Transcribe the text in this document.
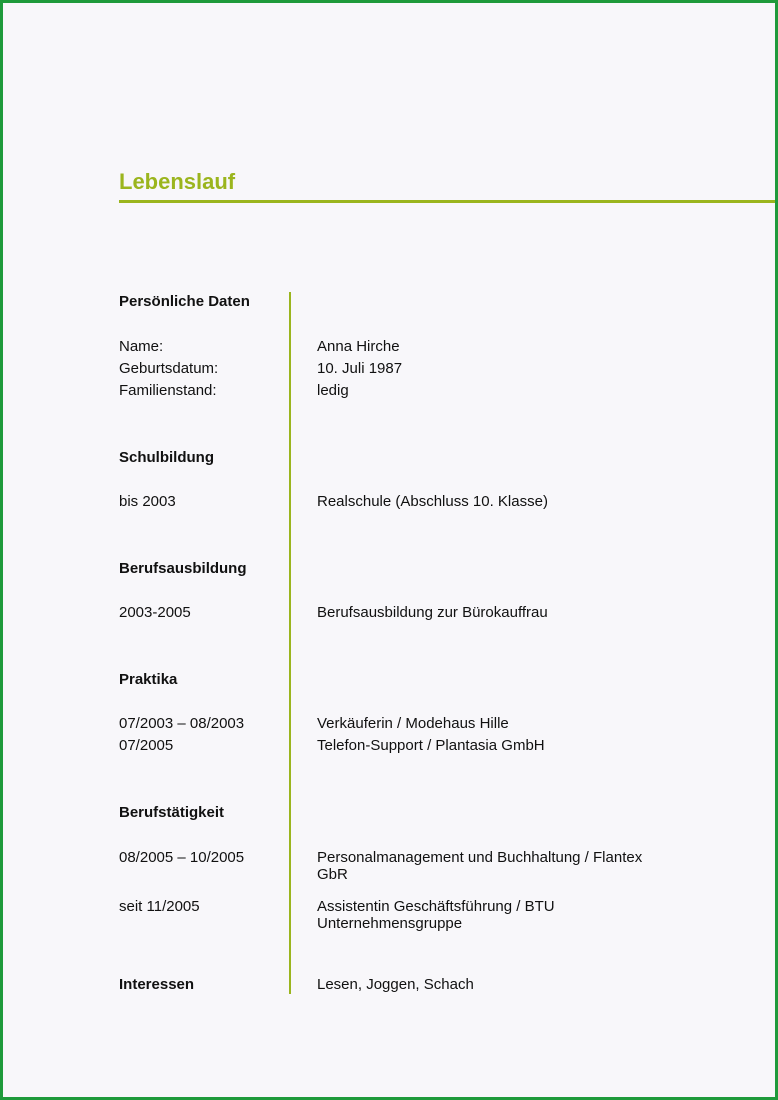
Lebenslauf
Persönliche Daten
Name:	Anna Hirche
Geburtsdatum:	10. Juli 1987
Familienstand:	ledig
Schulbildung
bis 2003	Realschule (Abschluss 10. Klasse)
Berufsausbildung
2003-2005	Berufsausbildung zur Bürokauffrau
Praktika
07/2003 – 08/2003	Verkäuferin / Modehaus Hille
07/2005	Telefon-Support / Plantasia GmbH
Berufstätigkeit
08/2005 – 10/2005	Personalmanagement und Buchhaltung / Flantex GbR
seit 11/2005	Assistentin Geschäftsführung / BTU Unternehmensgruppe
Interessen	Lesen, Joggen, Schach
